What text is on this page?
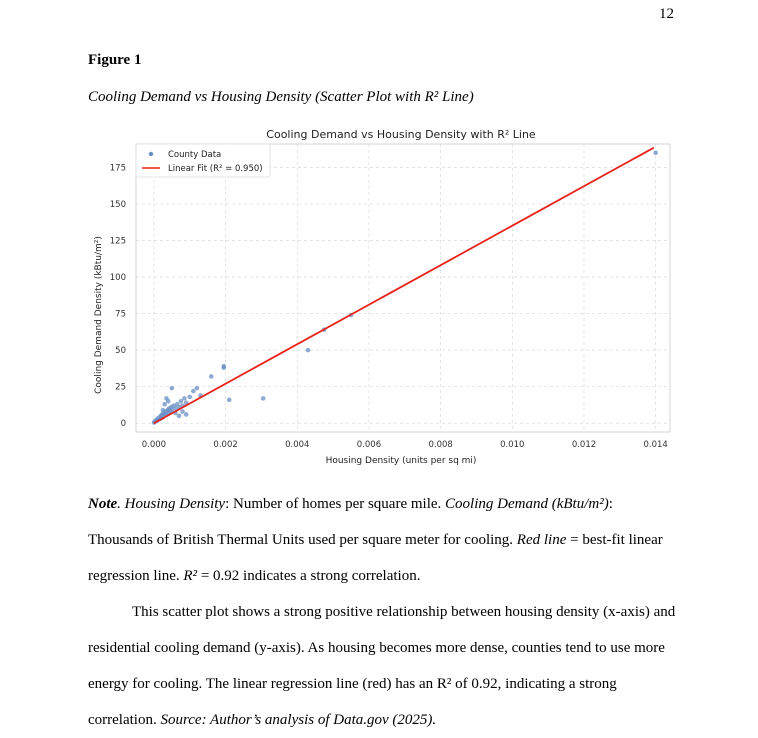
12
Figure 1
Cooling Demand vs Housing Density (Scatter Plot with R² Line)
Cooling Demand vs Housing Density with R² Line
0.000	0.002	0.004	0.006	0.008	0.010	0.012	0.014
0
25
50
75
100
125
150
175
Housing Density (units per sq mi)
Cooling Demand Density (kBtu/m²)
County Data
Linear Fit (R² = 0.950)

Note. Housing Density: Number of homes per square mile. Cooling Demand (kBtu/m²): Thousands of British Thermal Units used per square meter for cooling. Red line = best-fit linear regression line. R² = 0.92 indicates a strong correlation.

This scatter plot shows a strong positive relationship between housing density (x-axis) and residential cooling demand (y-axis). As housing becomes more dense, counties tend to use more energy for cooling. The linear regression line (red) has an R² of 0.92, indicating a strong correlation. Source: Author’s analysis of Data.gov (2025).
